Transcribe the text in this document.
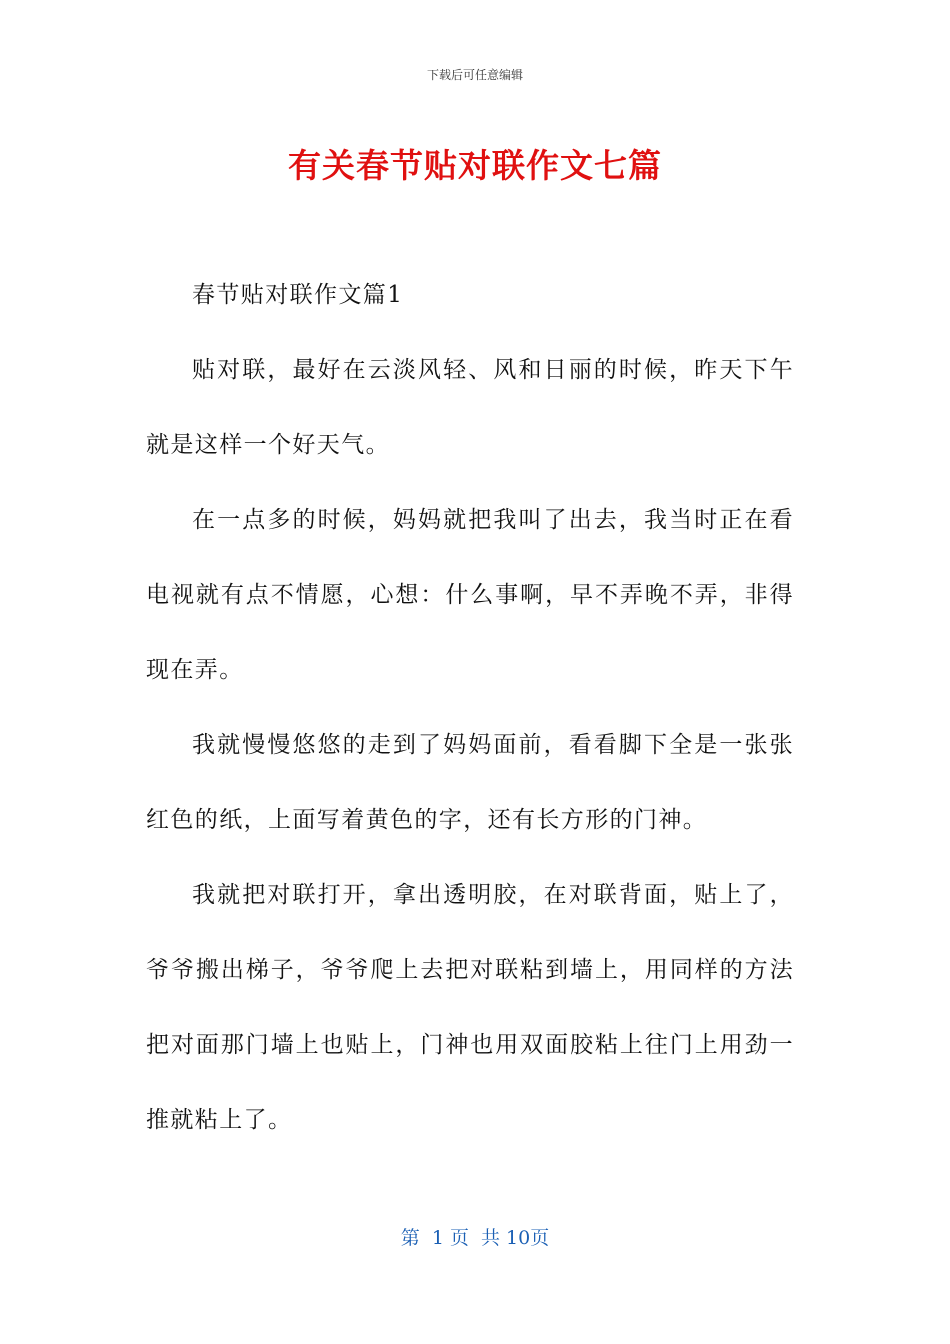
下载后可任意编辑
有关春节贴对联作文七篇

春节贴对联作文篇1

贴对联，最好在云淡风轻、风和日丽的时候，昨天下午就是这样一个好天气。

在一点多的时候，妈妈就把我叫了出去，我当时正在看电视就有点不情愿，心想：什么事啊，早不弄晚不弄，非得现在弄。

我就慢慢悠悠的走到了妈妈面前，看看脚下全是一张张红色的纸，上面写着黄色的字，还有长方形的门神。

我就把对联打开，拿出透明胶，在对联背面，贴上了，爷爷搬出梯子，爷爷爬上去把对联粘到墙上，用同样的方法把对面那门墙上也贴上，门神也用双面胶粘上往门上用劲一推就粘上了。

第  1 页  共 10页
